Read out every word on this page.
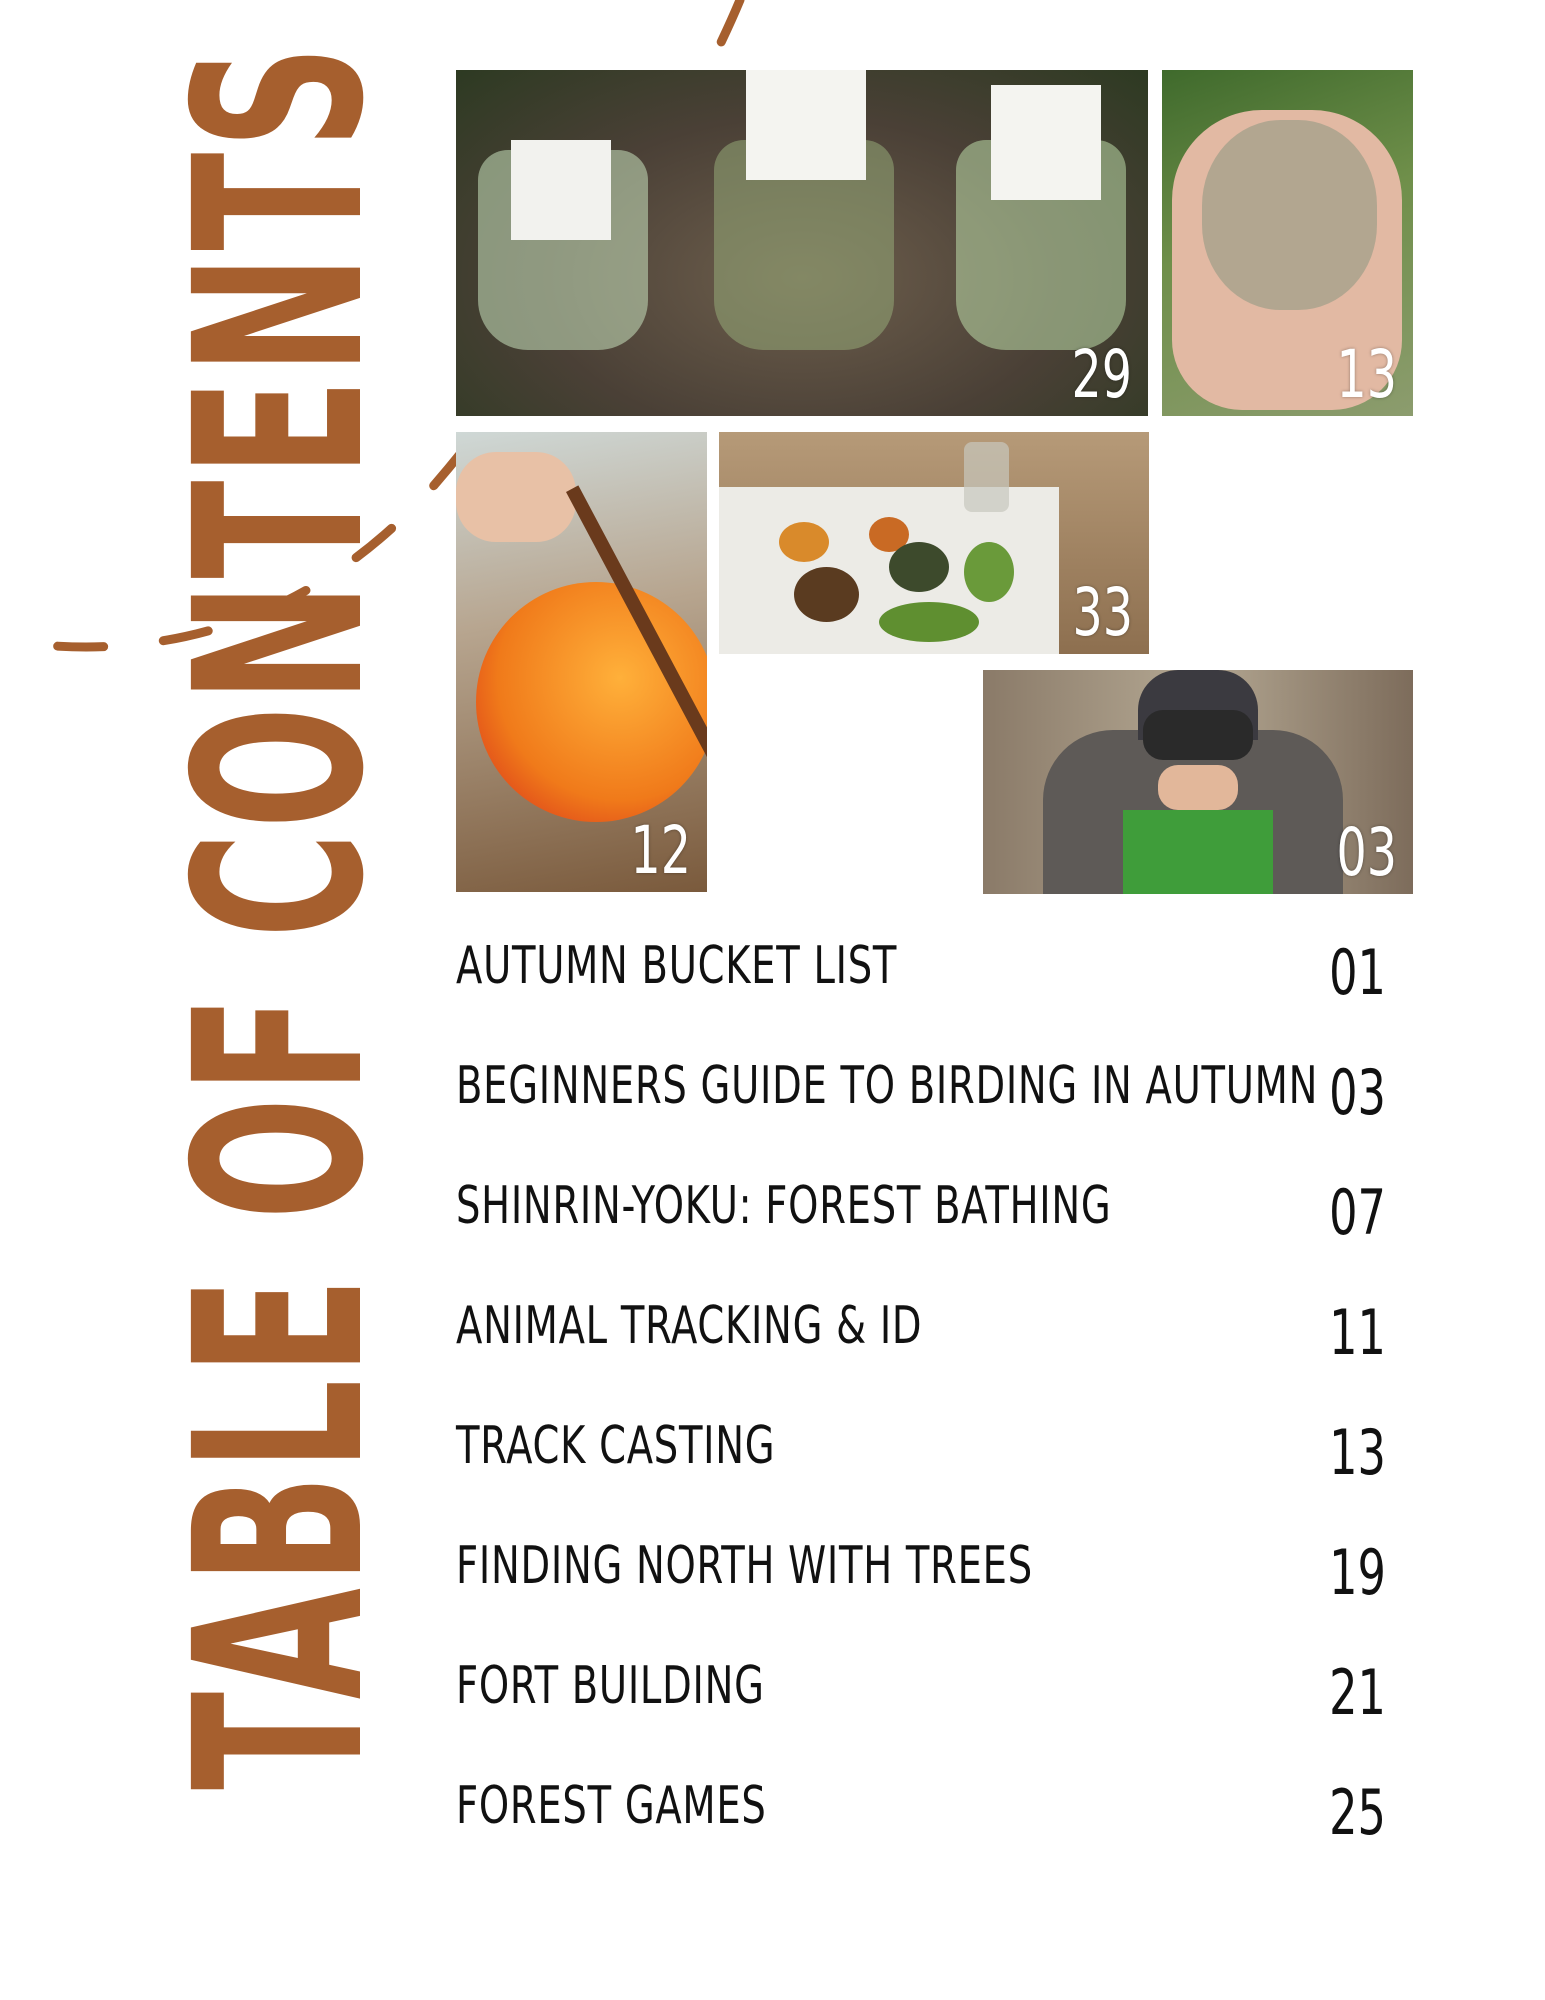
TABLE OF CONTENTS	29	13
12
33
03
AUTUMN BUCKET LIST	01
BEGINNERS GUIDE TO BIRDING IN AUTUMN 03
SHINRIN-YOKU: FOREST BATHING	07
ANIMAL TRACKING & ID	11
TRACK CASTING	13
FINDING NORTH WITH TREES	19
FORT BUILDING	21
FOREST GAMES	25
